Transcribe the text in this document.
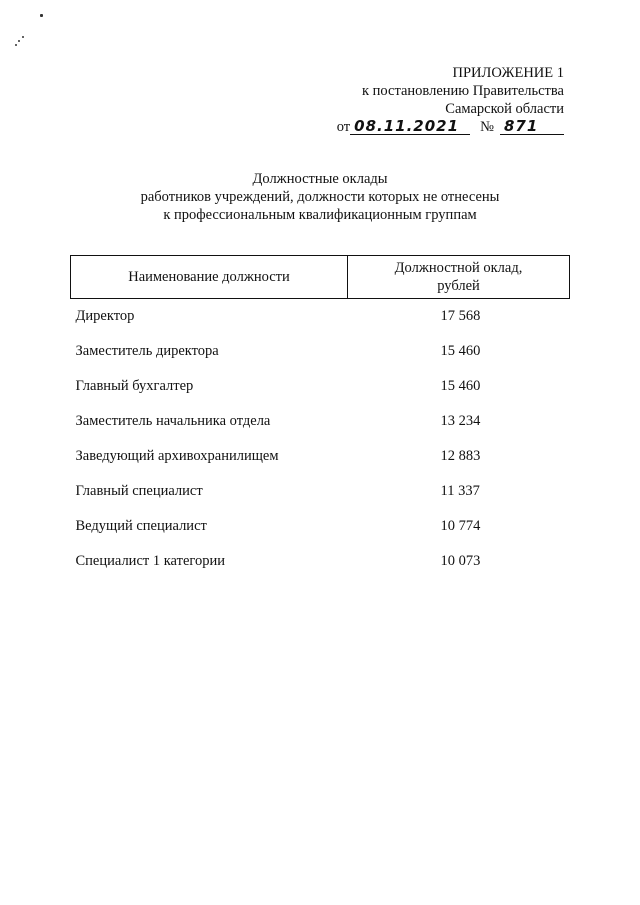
ПРИЛОЖЕНИЕ 1
к постановлению Правительства
Самарской области
от 08.11.2021 № 871
Должностные оклады
работников учреждений, должности которых не отнесены
к профессиональным квалификационным группам
Наименование должности	Должностной оклад,
рублей
Директор	17 568
Заместитель директора	15 460
Главный бухгалтер	15 460
Заместитель начальника отдела	13 234
Заведующий архивохранилищем	12 883
Главный специалист	11 337
Ведущий специалист	10 774
Специалист 1 категории	10 073
